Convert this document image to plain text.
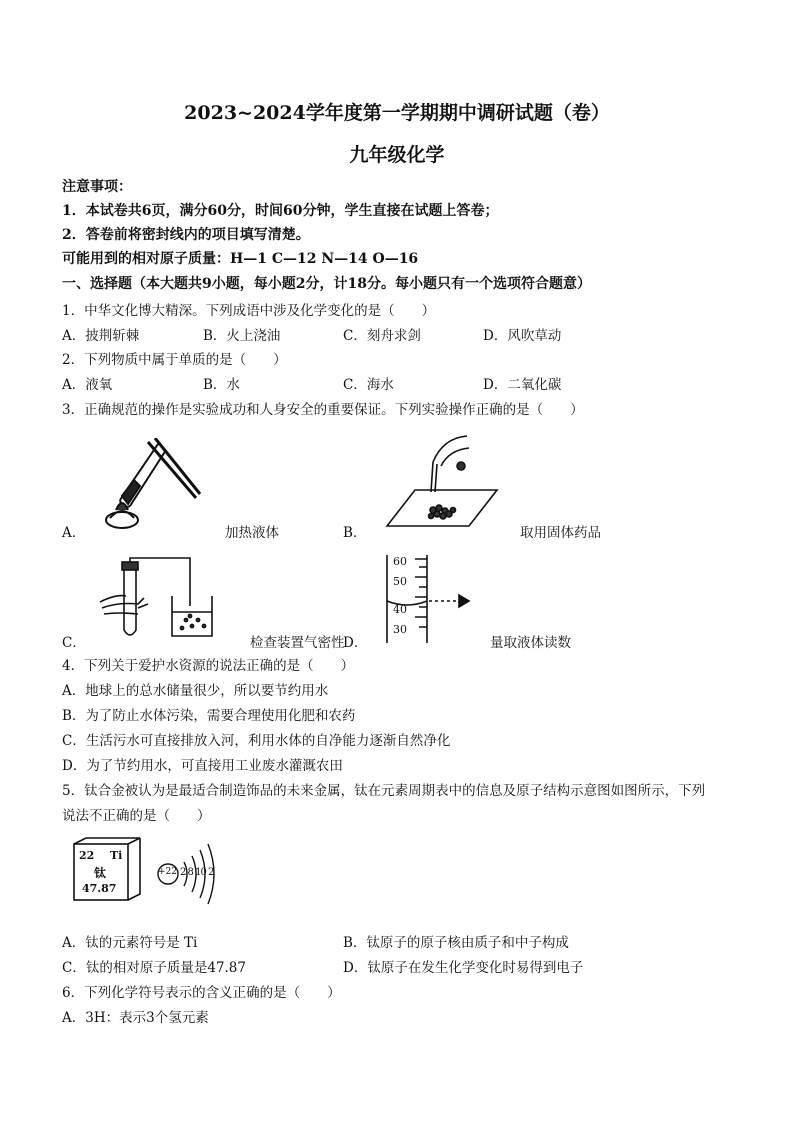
2023~2024学年度第一学期期中调研试题（卷）
九年级化学
注意事项：
1．本试卷共6页，满分60分，时间60分钟，学生直接在试题上答卷；
2．答卷前将密封线内的项目填写清楚。
可能用到的相对原子质量：H—1 C—12 N—14 O—16
一、选择题（本大题共9小题，每小题2分，计18分。每小题只有一个选项符合题意）
1．中华文化博大精深。下列成语中涉及化学变化的是（　　）
A．披荆斩棘	B．火上浇油	C．刻舟求剑	D．风吹草动
2．下列物质中属于单质的是（　　）
A．液氧	B．水	C．海水	D．二氧化碳
3．正确规范的操作是实验成功和人身安全的重要保证。下列实验操作正确的是（　　）
A．	加热液体	B．	取用固体药品
C．	检查装置气密性
60
50
40
30
D．	量取液体读数
4．下列关于爱护水资源的说法正确的是（　　）
A．地球上的总水储量很少，所以要节约用水
B．为了防止水体污染，需要合理使用化肥和农药
C．生活污水可直接排放入河，利用水体的自净能力逐渐自然净化
D．为了节约用水，可直接用工业废水灌溉农田
5．钛合金被认为是最适合制造饰品的未来金属，钛在元素周期表中的信息及原子结构示意图如图所示，下列
说法不正确的是（　　）
22 Ti
钛
47.87
+22 2 8 10 2
A．钛的元素符号是 Ti	B．钛原子的原子核由质子和中子构成
C．钛的相对原子质量是47.87	D．钛原子在发生化学变化时易得到电子
6．下列化学符号表示的含义正确的是（　　）
A．3H：表示3个氢元素
